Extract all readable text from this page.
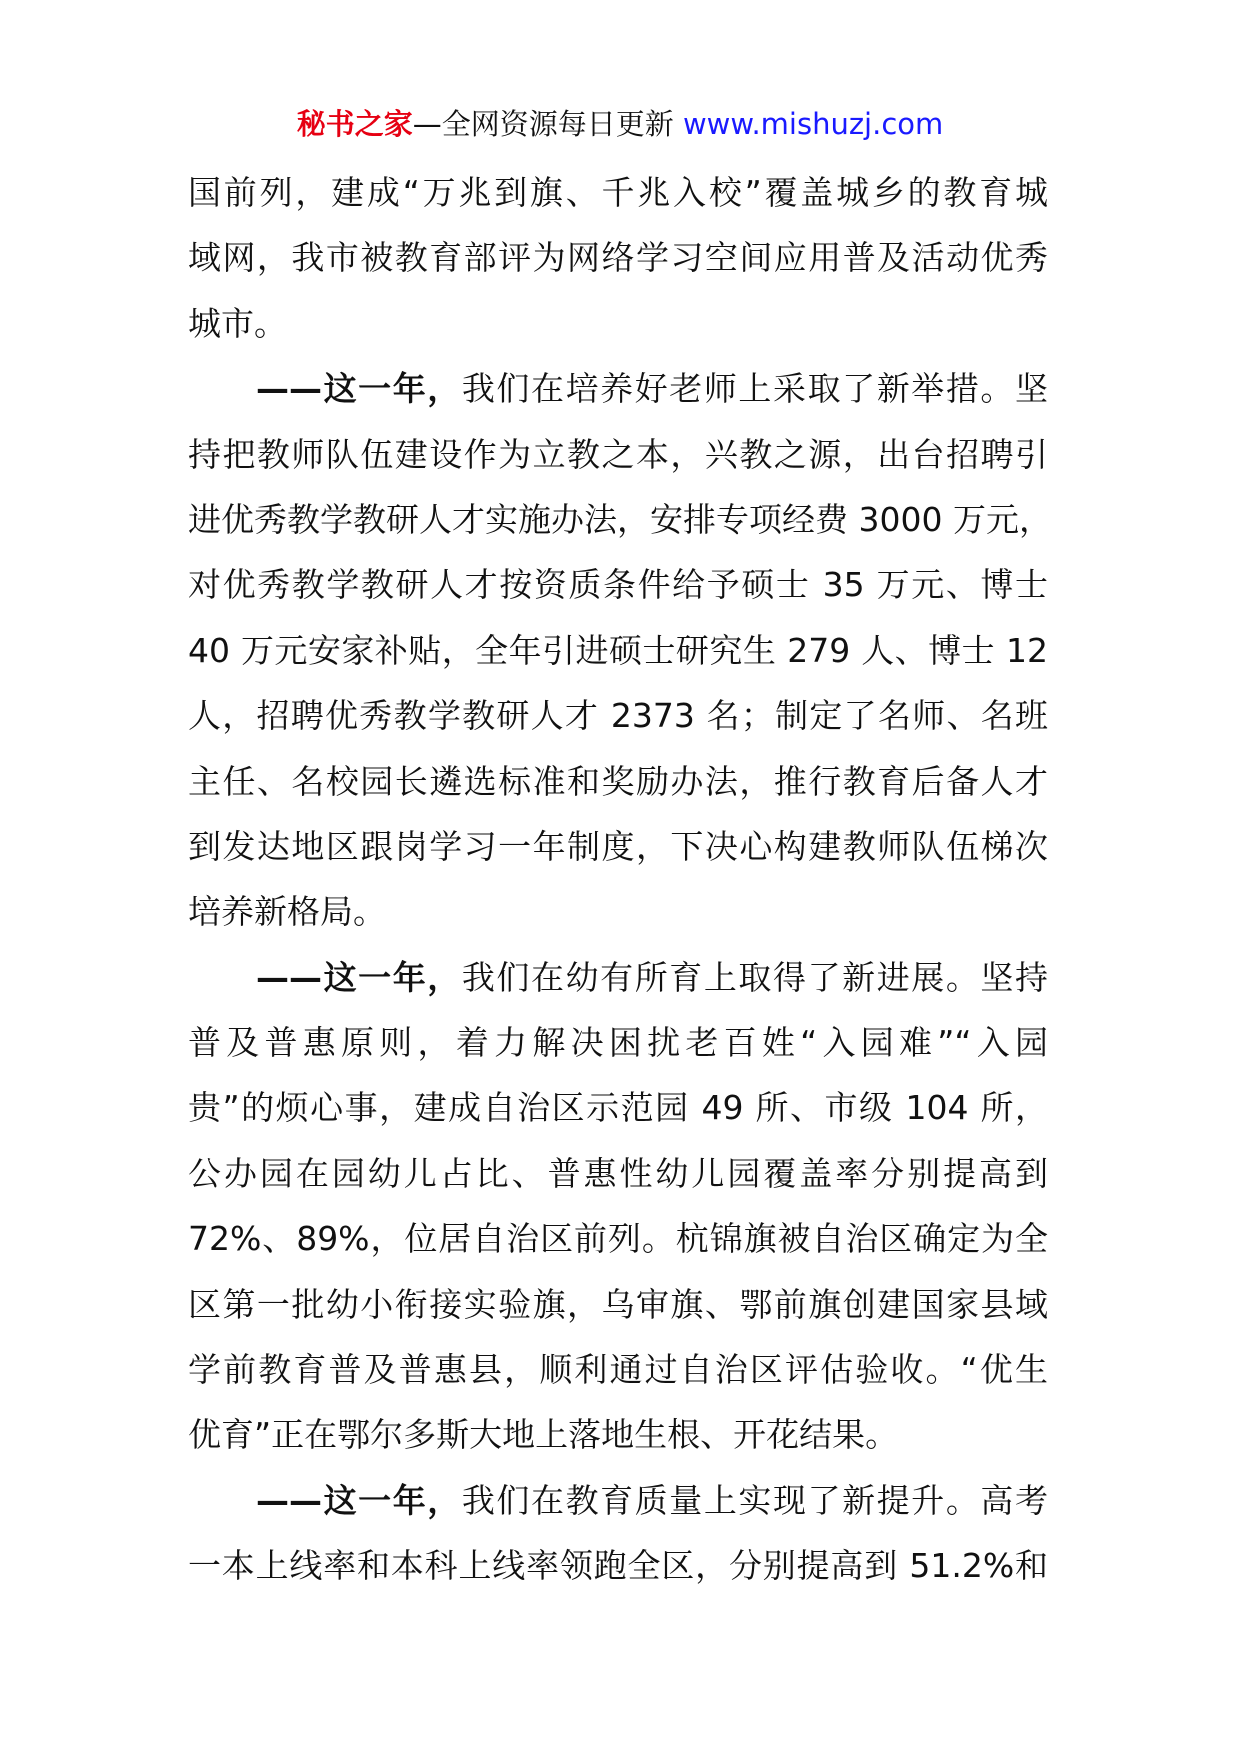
秘书之家—全网资源每日更新 www.mishuzj.com
国前列，建成“万兆到旗、千兆入校”覆盖城乡的教育城
域网，我市被教育部评为网络学习空间应用普及活动优秀
城市。
——这一年，我们在培养好老师上采取了新举措。坚
持把教师队伍建设作为立教之本，兴教之源，出台招聘引
进优秀教学教研人才实施办法，安排专项经费 3000 万元，
对优秀教学教研人才按资质条件给予硕士 35 万元、博士
40 万元安家补贴，全年引进硕士研究生 279 人、博士 12
人，招聘优秀教学教研人才 2373 名；制定了名师、名班
主任、名校园长遴选标准和奖励办法，推行教育后备人才
到发达地区跟岗学习一年制度，下决心构建教师队伍梯次
培养新格局。
——这一年，我们在幼有所育上取得了新进展。坚持
普及普惠原则，着力解决困扰老百姓“入园难”“入园
贵”的烦心事，建成自治区示范园 49 所、市级 104 所，
公办园在园幼儿占比、普惠性幼儿园覆盖率分别提高到
72%、89%，位居自治区前列。杭锦旗被自治区确定为全
区第一批幼小衔接实验旗，乌审旗、鄂前旗创建国家县域
学前教育普及普惠县，顺利通过自治区评估验收。“优生
优育”正在鄂尔多斯大地上落地生根、开花结果。
——这一年，我们在教育质量上实现了新提升。高考
一本上线率和本科上线率领跑全区，分别提高到 51.2%和
